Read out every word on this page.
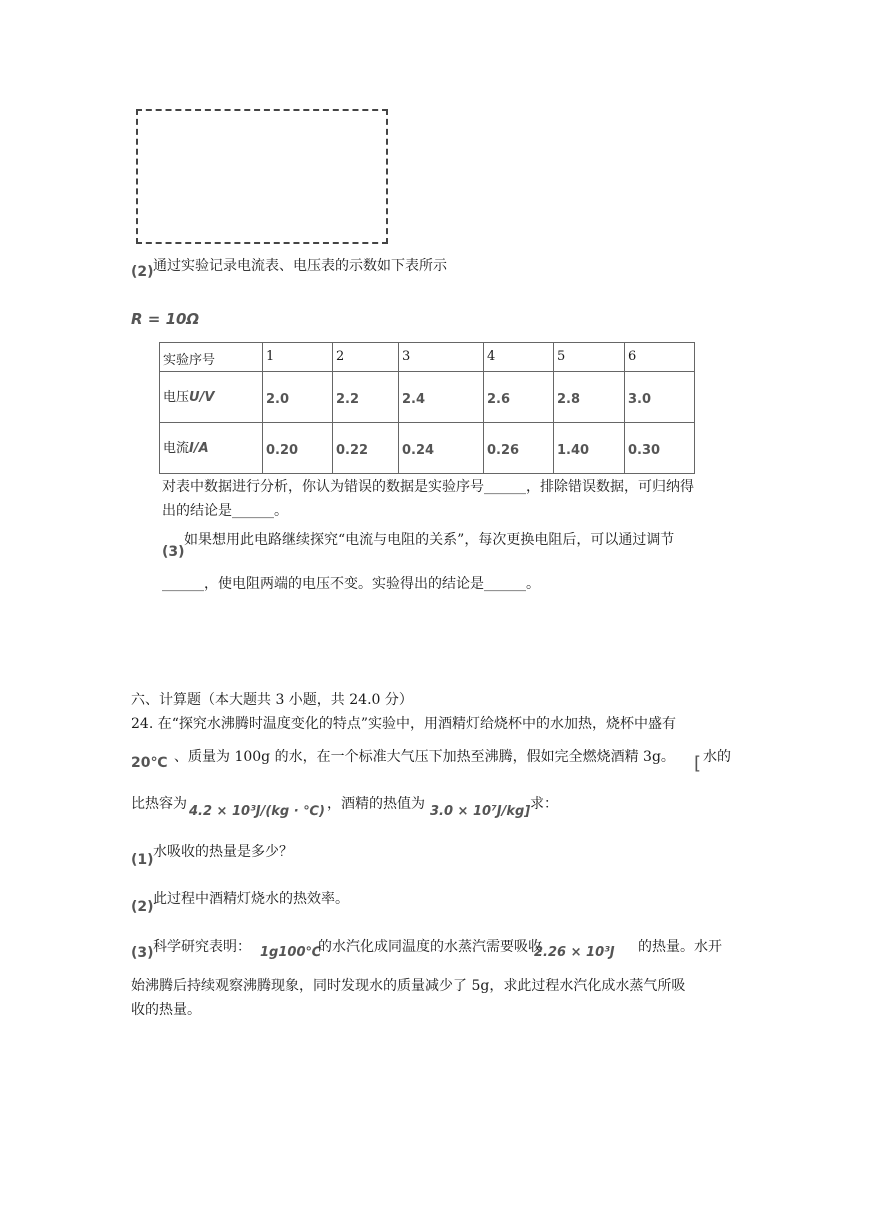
(2) 通过实验记录电流表、电压表的示数如下表所示
R = 10Ω
实验序号	1	2	3	4	5	6
电压U/V	2.0	2.2	2.4	2.6	2.8	3.0
电流I/A	0.20	0.22	0.24	0.26	1.40	0.30
对表中数据进行分析，你认为错误的数据是实验序号______，排除错误数据，可归纳得
出的结论是______。
(3)
如果想用此电路继续探究“电流与电阻的关系”，每次更换电阻后，可以通过调节
______，使电阻两端的电压不变。实验得出的结论是______。
六、计算题（本大题共 3 小题，共 24.0 分）
24. 在“探究水沸腾时温度变化的特点”实验中，用酒精灯给烧杯中的水加热，烧杯中盛有
20℃ 、质量为 100g 的水，在一个标准大气压下加热至沸腾，假如完全燃烧酒精 3g。 [ 水的
比热容为 4.2 × 10³J/(kg · ℃) ，酒精的热值为 3.0 × 10⁷J/kg] 求：
(1) 水吸收的热量是多少？
(2) 此过程中酒精灯烧水的热效率。
(3) 科学研究表明： 1g100℃
的水汽化成同温度的水蒸汽需要吸收
2.26 × 10³J 的热量。水开
始沸腾后持续观察沸腾现象，同时发现水的质量减少了 5g，求此过程水汽化成水蒸气所吸
收的热量。
